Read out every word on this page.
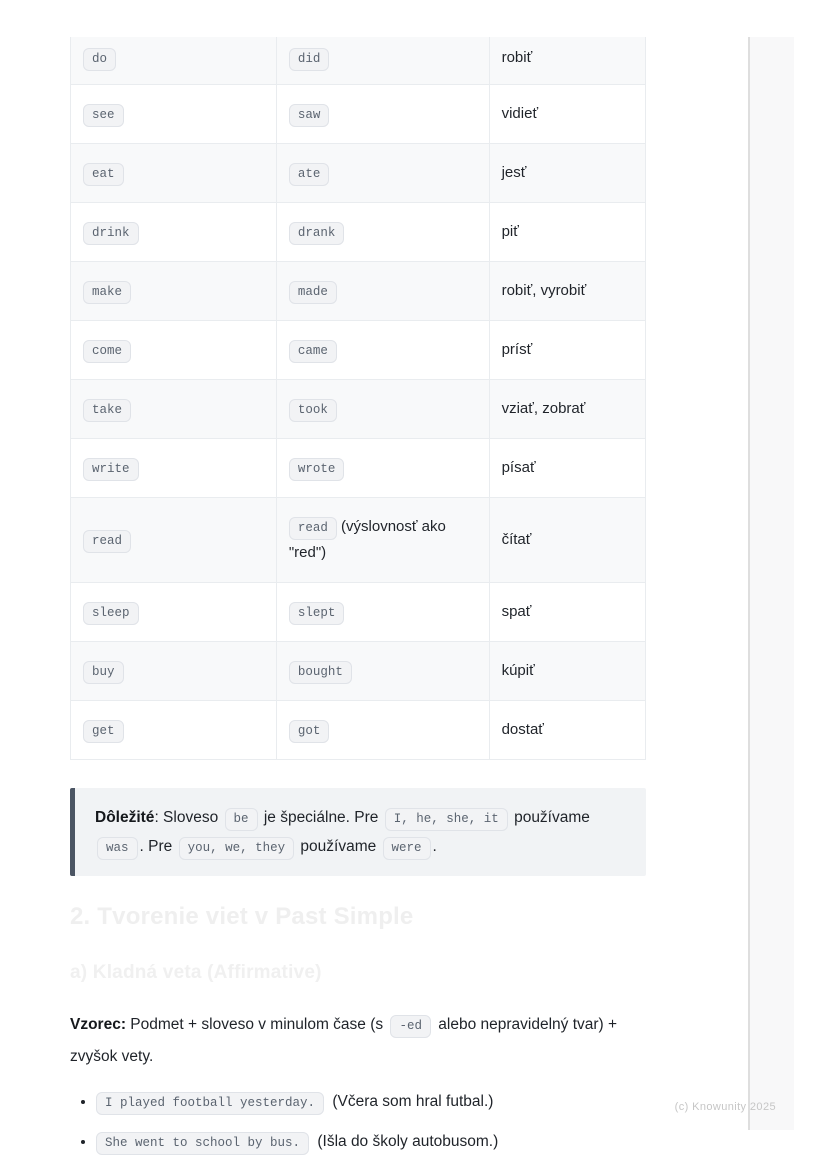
do	did	robiť
see	saw	vidieť
eat	ate	jesť
drink	drank	piť
make	made	robiť, vyrobiť
come	came	prísť
take	took	vziať, zobrať
write	wrote	písať
read	read (výslovnosť ako "red")	čítať
sleep	slept	spať
buy	bought	kúpiť
get	got	dostať
Dôležité: Sloveso be je špeciálne. Pre I, he, she, it používame was . Pre you, we, they používame were .
2. Tvorenie viet v Past Simple
a) Kladná veta (Affirmative)

Vzorec: Podmet + sloveso v minulom čase (s -ed alebo nepravidelný tvar) + zvyšok vety.

• I played football yesterday. (Včera som hral futbal.)
• She went to school by bus. (Išla do školy autobusom.)
(c) Knowunity 2025
